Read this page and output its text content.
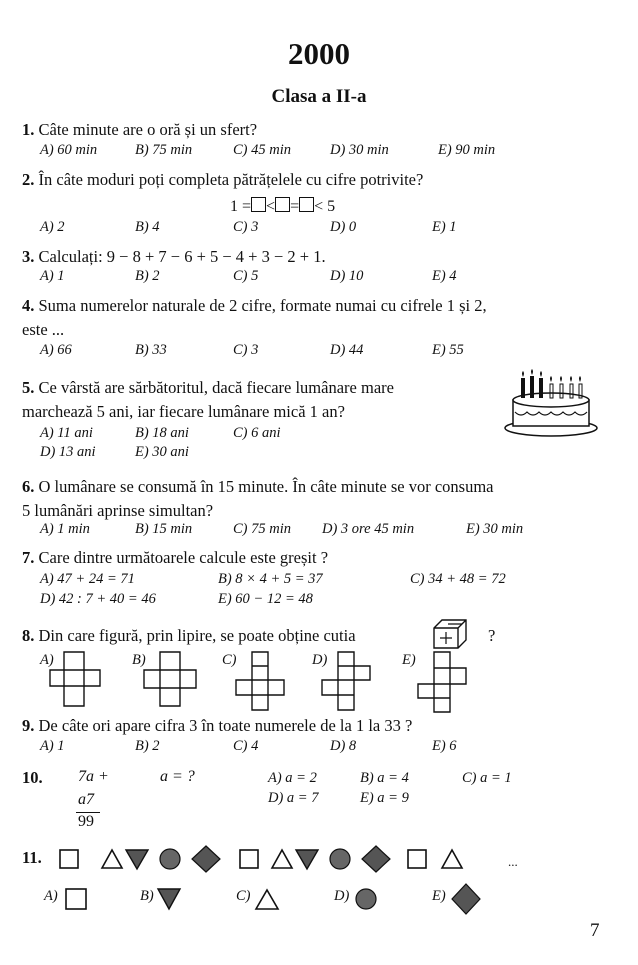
2000
Clasa a II-a
1. Câte minute are o oră și un sfert?
A) 60 min	B) 75 min	C) 45 min	D) 30 min	E) 90 min
2. În câte moduri poți completa pătrățelele cu cifre potrivite?
1 = < = < 5
A) 2	B) 4	C) 3	D) 0	E) 1
3. Calculați: 9 − 8 + 7 − 6 + 5 − 4 + 3 − 2 + 1.
A) 1	B) 2	C) 5	D) 10	E) 4
4. Suma numerelor naturale de 2 cifre, formate numai cu cifrele 1 și 2,
este ...
A) 66	B) 33	C) 3	D) 44	E) 55
5. Ce vârstă are sărbătoritul, dacă fiecare lumânare mare
marchează 5 ani, iar fiecare lumânare mică 1 an?
A) 11 ani	B) 18 ani	C) 6 ani
D) 13 ani	E) 30 ani
6. O lumânare se consumă în 15 minute. În câte minute se vor consuma
5 lumânări aprinse simultan?
A) 1 min	B) 15 min	C) 75 min D) 3 ore 45 min	E) 30 min
7. Care dintre următoarele calcule este greșit ?
A) 47 + 24 = 71	B) 8 × 4 + 5 = 37	C) 34 + 48 = 72
D) 42 : 7 + 40 = 46	E) 60 − 12 = 48
8. Din care figură, prin lipire, se poate obține cutia	?
A)	B)	C)	D)	E)
9. De câte ori apare cifra 3 în toate numerele de la 1 la 33 ?
A) 1	B) 2	C) 4	D) 8	E) 6
10. 7a +	a = ?
a7
99
A) a = 2	B) a = 4	C) a = 1
D) a = 7	E) a = 9
11.	...
A)	B)	C)	D)	E)
7
